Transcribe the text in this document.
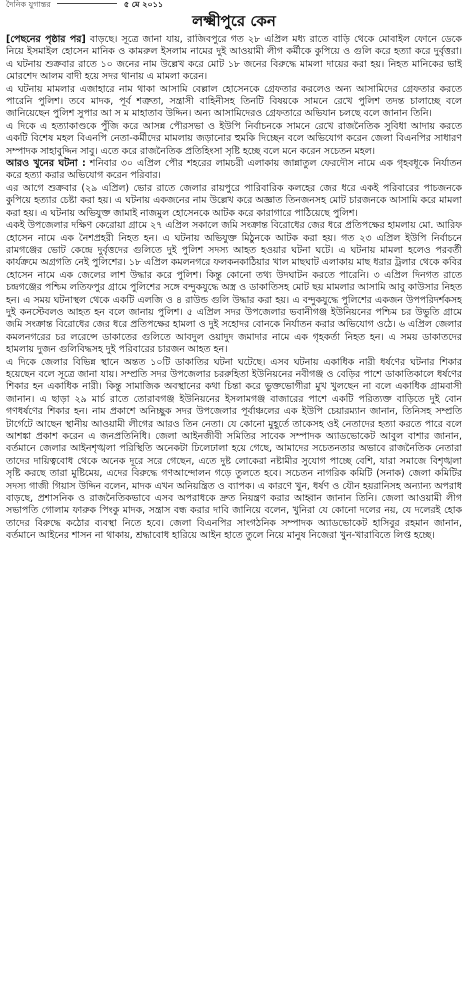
দৈনিক যুগান্তর	৫ মে ২০১১
লক্ষ্মীপুরে কেন

[পেছনের পৃষ্ঠার পর] বাড়ছে। সূত্রে জানা যায়, রাজিবপুরে গত ২৮ এপ্রিল মধ্য রাতে বাড়ি থেকে মোবাইল ফোনে ডেকে নিয়ে ইসমাইল হোসেন মানিক ও কামরুল ইসলাম নামের দুই আওয়ামী লীগ কর্মীকে কুপিয়ে ও গুলি করে হত্যা করে দুর্বৃত্তরা। এ ঘটনায় শুক্রবার রাতে ১০ জনের নাম উল্লেখ করে মোট ১৮ জনের বিরুদ্ধে মামলা দায়ের করা হয়। নিহত মানিকের ভাই মোরশেদ আলম বাদী হয়ে সদর থানায় এ মামলা করেন।

এ ঘটনায় মামলার এজাহারে নাম থাকা আসামি বেল্লাল হোসেনকে গ্রেফতার করলেও অন্য আসামিদের গ্রেফতার করতে পারেনি পুলিশ। তবে মাদক, পূর্ব শত্রুতা, সন্ত্রাসী বাহিনীসহ তিনটি বিষয়কে সামনে রেখে পুলিশ তদন্ত চালাচ্ছে বলে জানিয়েছেন পুলিশ সুপার আ স ম মাহাতাব উদ্দিন। অন্য আসামিদেরও গ্রেফতারে অভিযান চলছে বলে জানান তিনি।

এ দিকে এ হত্যাকাণ্ডকে পুঁজি করে আসন্ন পৌরসভা ও ইউপি নির্বাচনকে সামনে রেখে রাজনৈতিক সুবিধা আদায় করতে একটি বিশেষ মহল বিএনপি নেতা-কর্মীদের মামলায় জড়ানোর হুমকি দিচ্ছেন বলে অভিযোগ করেন জেলা বিএনপির সাধারণ সম্পাদক সাহাবুদ্দিন সাবু। এতে করে রাজনৈতিক প্রতিহিংসা সৃষ্টি হচ্ছে বলে মনে করেন সচেতন মহল।

আরও খুনের ঘটনা : শনিবার ৩০ এপ্রিল পৌর শহরের লামচরী এলাকায় জান্নাতুল ফেরদৌস নামে এক গৃহবধূকে নির্যাতন করে হত্যা করার অভিযোগ করেন পরিবার।

এর আগে শুক্রবার (২৯ এপ্রিল) ভোর রাতে জেলার রায়পুরে পারিবারিক কলহের জের ধরে একই পরিবারের পাচজনকে কুপিয়ে হত্যার চেষ্টা করা হয়। এ ঘটনায় একজনের নাম উল্লেখ করে অজ্ঞাত তিনজনসহ মোট চারজনকে আসামি করে মামলা করা হয়। এ ঘটনায় অভিযুক্ত জামাই নাজমুল হোসেনকে আটক করে কারাগারে পাঠিয়েছে পুলিশ।

একই উপজেলার দক্ষিণ কেরোয়া গ্রামে ২৭ এপ্রিল সকালে জমি সংক্রান্ত বিরোধের জের ধরে প্রতিপক্ষের হামলায় মো. আরিফ হোসেন নামে এক নৈশপ্রহরী নিহত হন। এ ঘটনায় অভিযুক্ত মিঠুনকে আটক করা হয়। গত ২৩ এপ্রিল ইউপি নির্বাচনে রামগঞ্জের ভোট কেন্দ্রে দুর্বৃত্তদের গুলিতে দুই পুলিশ সদস্য আহত হওয়ার ঘটনা ঘটে। এ ঘটনায় মামলা হলেও পরবর্তী কার্যক্রমে অগ্রগতি নেই পুলিশের। ১৮ এপ্রিল কমলনগরে ফলকনকাঠিয়ার খাল মাছঘাট এলাকায় মাছ ধরার ট্রলার থেকে কবির হোসেন নামে এক জেলের লাশ উদ্ধার করে পুলিশ। কিন্তু কোনো তথ্য উদঘাটন করতে পারেনি। ৩ এপ্রিল দিনগত রাতে চন্দ্রগঞ্জের পশ্চিম লতিফপুর গ্রামে পুলিশের সঙ্গে বন্দুকযুদ্ধে অস্ত্র ও ডাকাতিসহ মোট ছয় মামলার আসামি আবু কাউসার নিহত হন। এ সময় ঘটনাস্থল থেকে একটি এলজি ও ৪ রাউন্ড গুলি উদ্ধার করা হয়। এ বন্দুকযুদ্ধে পুলিশের একজন উপপরিদর্শকসহ দুই কনস্টেবলও আহত হন বলে জানায় পুলিশ। ৫ এপ্রিল সদর উপজেলার ভবানীগঞ্জ ইউনিয়নের পশ্চিম চর উভুতি গ্রামে জমি সংক্রান্ত বিরোধের জের ধরে প্রতিপক্ষের হামলা ও দুই সহোদর বোনকে নির্যাতন করার অভিযোগ ওঠে। ৬ এপ্রিল জেলার কমলনগরের চর লরেন্সে ডাকাতের গুলিতে আবদুল ওয়াদুদ জমাদার নামে এক গৃহকর্তা নিহত হন। এ সময় ডাকাতদের হামলায় দুজন গুলিবিদ্ধসহ দুই পরিবারের চারজন আহত হন।

এ দিকে জেলার বিভিন্ন স্থানে অন্তত ১০টি ডাকাতির ঘটনা ঘটেছে। এসব ঘটনায় একাধিক নারী ধর্ষণের ঘটনার শিকার হয়েছেন বলে সূত্রে জানা যায়। সম্প্রতি সদর উপজেলার চররুহিতা ইউনিয়নের নবীগঞ্জ ও বেড়ির পাশে ডাকাতিকালে ধর্ষণের শিকার হন একাধিক নারী। কিন্তু সামাজিক অবস্থানের কথা চিন্তা করে ভুক্তভোগীরা মুখ খুলছেন না বলে একাধিক গ্রামবাসী জানান। এ ছাড়া ২৯ মার্চ রাতে তোরাবগঞ্জ ইউনিয়নের ইসলামগঞ্জ বাজারের পাশে একটি পরিত্যক্ত বাড়িতে দুই বোন গণধর্ষণের শিকার হন। নাম প্রকাশে অনিচ্ছুক সদর উপজেলার পূর্বাঞ্চলের এক ইউপি চেয়ারম্যান জানান, তিনিসহ সম্প্রতি টার্গেটে আছেন স্থানীয় আওয়ামী লীগের আরও তিন নেতা। যে কোনো মুহূর্তে তাকেসহ ওই নেতাদের হত্যা করতে পারে বলে আশঙ্কা প্রকাশ করেন এ জনপ্রতিনিধি। জেলা আইনজীবী সমিতির সাবেক সম্পাদক অ্যাডভোকেট আবুল বাশার জানান, বর্তমানে জেলার আইনশৃঙ্খলা পরিস্থিতি অনেকটা ঢিলেঢালা হয়ে গেছে, আমাদের সচেতনতার অভাবে রাজনৈতিক নেতারা তাদের দায়িত্ববোধ থেকে অনেক দূরে সরে গেছেন, এতে দুষ্ট লোকেরা নষ্টামীর সুযোগ পাচ্ছে বেশি, যারা সমাজে বিশৃঙ্খলা সৃষ্টি করছে তারা মুষ্টিমেয়, এদের বিরুদ্ধে গণআন্দোলন গড়ে তুলতে হবে। সচেতন নাগরিক কমিটি (সনাক) জেলা কমিটির সদস্য গাজী গিয়াস উদ্দিন বলেন, মাদক এখন অনিয়ন্ত্রিত ও ব্যাপক। এ কারণে খুন, ধর্ষণ ও যৌন হয়রানিসহ অন্যান্য অপরাধ বাড়ছে, প্রশাসনিক ও রাজনৈতিকভাবে এসব অপরাধকে দ্রুত নিয়ন্ত্রণ করার আহ্বান জানান তিনি। জেলা আওয়ামী লীগ সভাপতি গোলাম ফারুক পিংকু মাদক, সন্ত্রাস বন্ধ করার দাবি জানিয়ে বলেন, খুনিরা যে কোনো দলের নয়, যে দলেরই হোক তাদের বিরুদ্ধে কঠোর ব্যবস্থা নিতে হবে। জেলা বিএনপির সাংগঠনিক সম্পাদক অ্যাডভোকেট হাসিবুর রহমান জানান, বর্তমানে আইনের শাসন না থাকায়, শ্রদ্ধাবোধ হারিয়ে আইন হাতে তুলে নিয়ে মানুষ নিজেরা খুন-খারাবিতে লিপ্ত হচ্ছে।
